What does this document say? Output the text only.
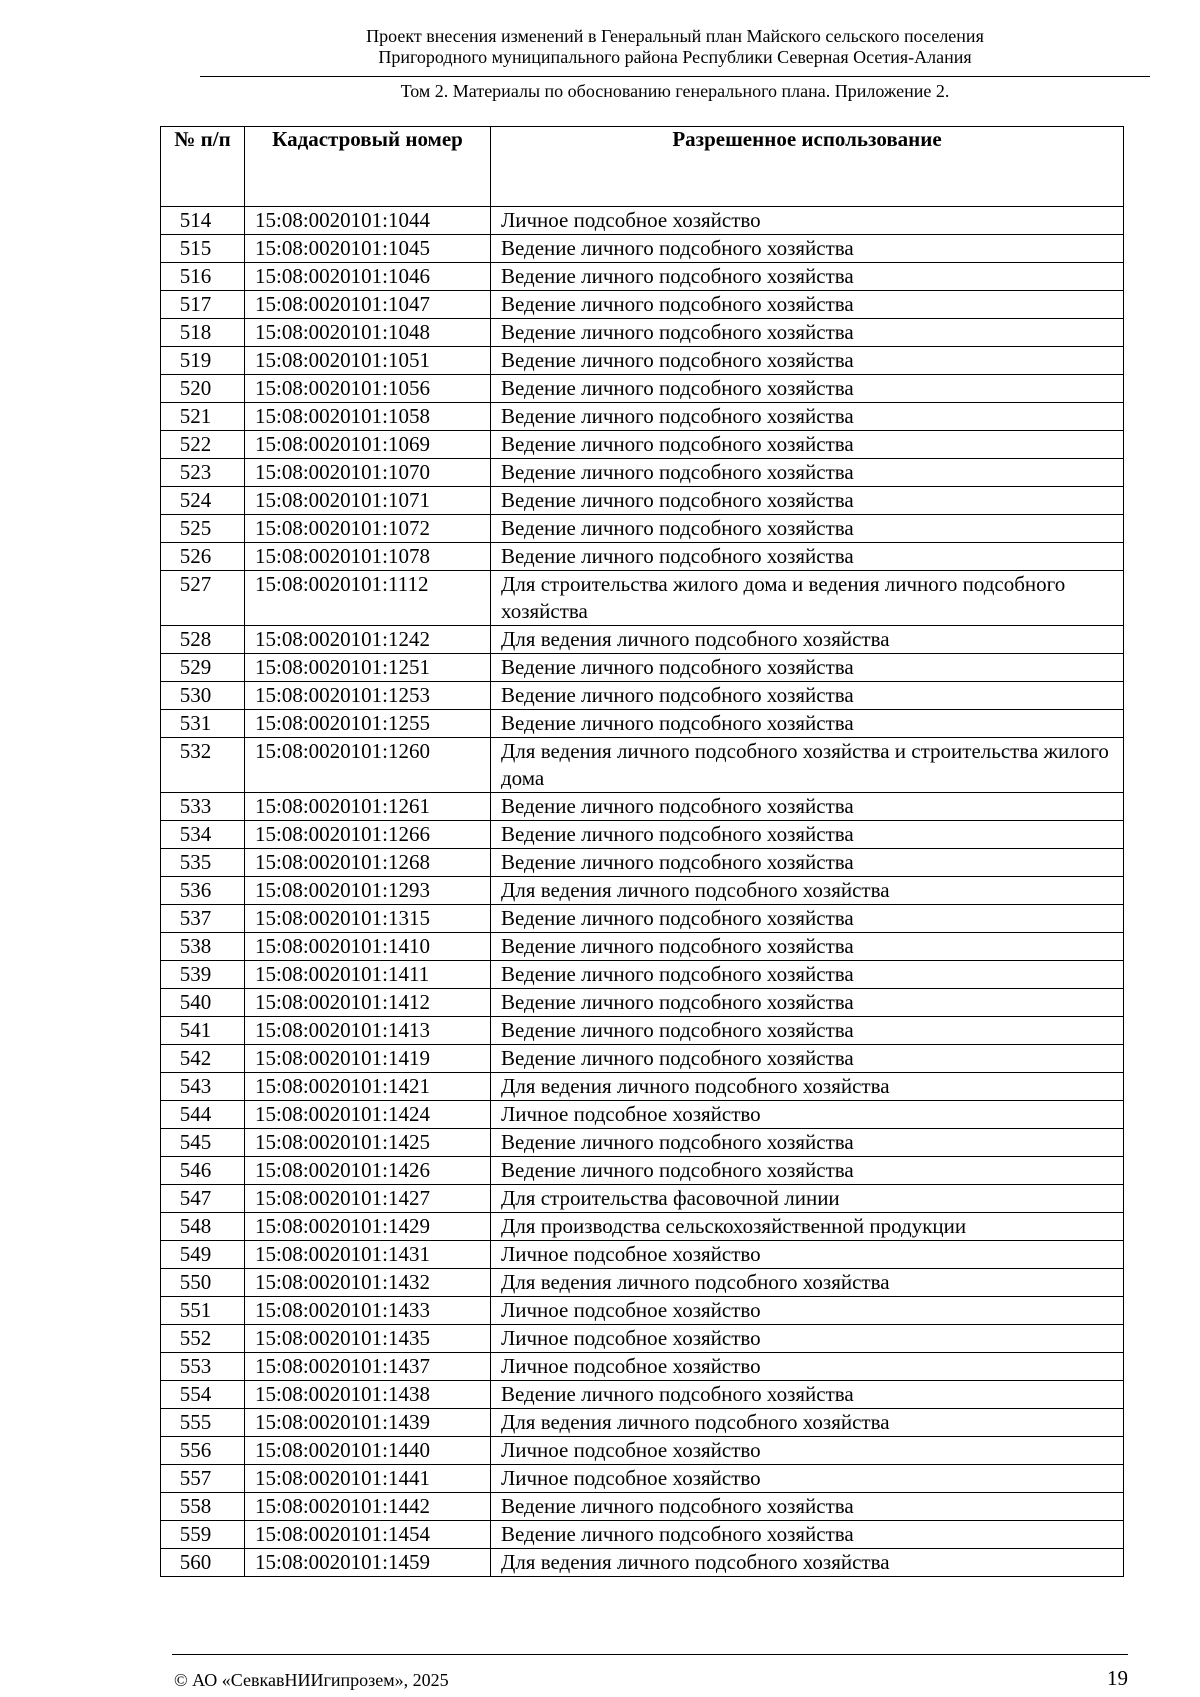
Проект внесения изменений в Генеральный план Майского сельского поселения
Пригородного муниципального района Республики Северная Осетия-Алания
Том 2. Материалы по обоснованию генерального плана. Приложение 2.
№ п/п	Кадастровый номер	Разрешенное использование
514	15:08:0020101:1044	Личное подсобное хозяйство
515	15:08:0020101:1045	Ведение личного подсобного хозяйства
516	15:08:0020101:1046	Ведение личного подсобного хозяйства
517	15:08:0020101:1047	Ведение личного подсобного хозяйства
518	15:08:0020101:1048	Ведение личного подсобного хозяйства
519	15:08:0020101:1051	Ведение личного подсобного хозяйства
520	15:08:0020101:1056	Ведение личного подсобного хозяйства
521	15:08:0020101:1058	Ведение личного подсобного хозяйства
522	15:08:0020101:1069	Ведение личного подсобного хозяйства
523	15:08:0020101:1070	Ведение личного подсобного хозяйства
524	15:08:0020101:1071	Ведение личного подсобного хозяйства
525	15:08:0020101:1072	Ведение личного подсобного хозяйства
526	15:08:0020101:1078	Ведение личного подсобного хозяйства
527	15:08:0020101:1112	Для строительства жилого дома и ведения личного подсобного хозяйства
528	15:08:0020101:1242	Для ведения личного подсобного хозяйства
529	15:08:0020101:1251	Ведение личного подсобного хозяйства
530	15:08:0020101:1253	Ведение личного подсобного хозяйства
531	15:08:0020101:1255	Ведение личного подсобного хозяйства
532	15:08:0020101:1260	Для ведения личного подсобного хозяйства и строительства жилого дома
533	15:08:0020101:1261	Ведение личного подсобного хозяйства
534	15:08:0020101:1266	Ведение личного подсобного хозяйства
535	15:08:0020101:1268	Ведение личного подсобного хозяйства
536	15:08:0020101:1293	Для ведения личного подсобного хозяйства
537	15:08:0020101:1315	Ведение личного подсобного хозяйства
538	15:08:0020101:1410	Ведение личного подсобного хозяйства
539	15:08:0020101:1411	Ведение личного подсобного хозяйства
540	15:08:0020101:1412	Ведение личного подсобного хозяйства
541	15:08:0020101:1413	Ведение личного подсобного хозяйства
542	15:08:0020101:1419	Ведение личного подсобного хозяйства
543	15:08:0020101:1421	Для ведения личного подсобного хозяйства
544	15:08:0020101:1424	Личное подсобное хозяйство
545	15:08:0020101:1425	Ведение личного подсобного хозяйства
546	15:08:0020101:1426	Ведение личного подсобного хозяйства
547	15:08:0020101:1427	Для строительства фасовочной линии
548	15:08:0020101:1429	Для производства сельскохозяйственной продукции
549	15:08:0020101:1431	Личное подсобное хозяйство
550	15:08:0020101:1432	Для ведения личного подсобного хозяйства
551	15:08:0020101:1433	Личное подсобное хозяйство
552	15:08:0020101:1435	Личное подсобное хозяйство
553	15:08:0020101:1437	Личное подсобное хозяйство
554	15:08:0020101:1438	Ведение личного подсобного хозяйства
555	15:08:0020101:1439	Для ведения личного подсобного хозяйства
556	15:08:0020101:1440	Личное подсобное хозяйство
557	15:08:0020101:1441	Личное подсобное хозяйство
558	15:08:0020101:1442	Ведение личного подсобного хозяйства
559	15:08:0020101:1454	Ведение личного подсобного хозяйства
560	15:08:0020101:1459	Для ведения личного подсобного хозяйства
© АО «СевкавНИИгипрозем», 2025	19
